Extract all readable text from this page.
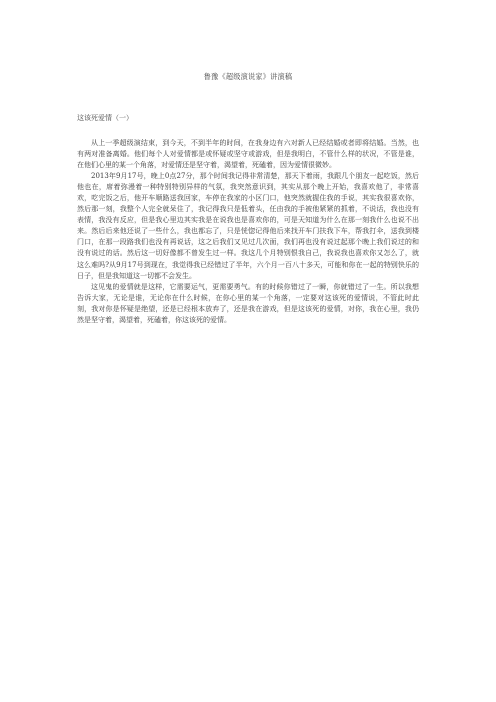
鲁豫《超级演说家》讲演稿
这该死爱情（一）

从上一季超级演结束，到今天，不到半年的时间，在我身边有六对新人已经结婚或者即将结婚。当然，也有两对准备离婚。他们每个人对爱情都是或怀疑或坚守或游戏，但是我明白，不管什么样的状况，不管是谁，在他们心里的某一个角落，对爱情还是坚守着，渴望着，死磕着，因为爱情很微妙。

2013年9月17号，晚上0点27分，那个时间我记得非常清楚，那天下着雨，我跟几个朋友一起吃饭，然后他也在，席着弥漫着一种特别特别异样的气氛，我突然意识到，其实从那个晚上开始，我喜欢他了，非常喜欢，吃完饭之后，他开车顺路送我回家，车停在我家的小区门口，他突然就握住我的手说，其实我很喜欢你，然后那一刻，我整个人完全就呆住了，我记得我只是低着头，任由我的手被他紧紧的抓着，不说话，我也没有表情，我没有反应，但是我心里边其实我是在说我也是喜欢你的，可是天知道为什么在那一刻我什么也说不出来。然后后来他还说了一些什么，我也都忘了，只是恍惚记得他后来找开车门扶我下车，帮我打伞，送我到楼门口，在那一段路我们也没有再说话，这之后我们又见过几次面，我们再也没有说过起那个晚上我们说过的和没有说过的话。然后这一切好像都不曾发生过一样。我这几个月特别恨我自己，我说我也喜欢你又怎么了，就这么难吗?从9月17号到现在，我觉得我已经错过了半年，六个月一百八十多天，可能和你在一起的特别快乐的日子，但是我知道这一切都不会发生。

这见鬼的爱情就是这样，它需要运气，更需要勇气。有的时候你错过了一瞬，你就错过了一生。所以我想告诉大家，无论是谁，无论你在什么时候，在你心里的某一个角落，一定要对这该死的爱情说，不管此时此刻，我对你是怀疑是绝望，还是已经根本放弃了，还是我在游戏，但是这该死的爱情，对你，我在心里，我仍然是坚守着，渴望着，死磕着，你这该死的爱情。
